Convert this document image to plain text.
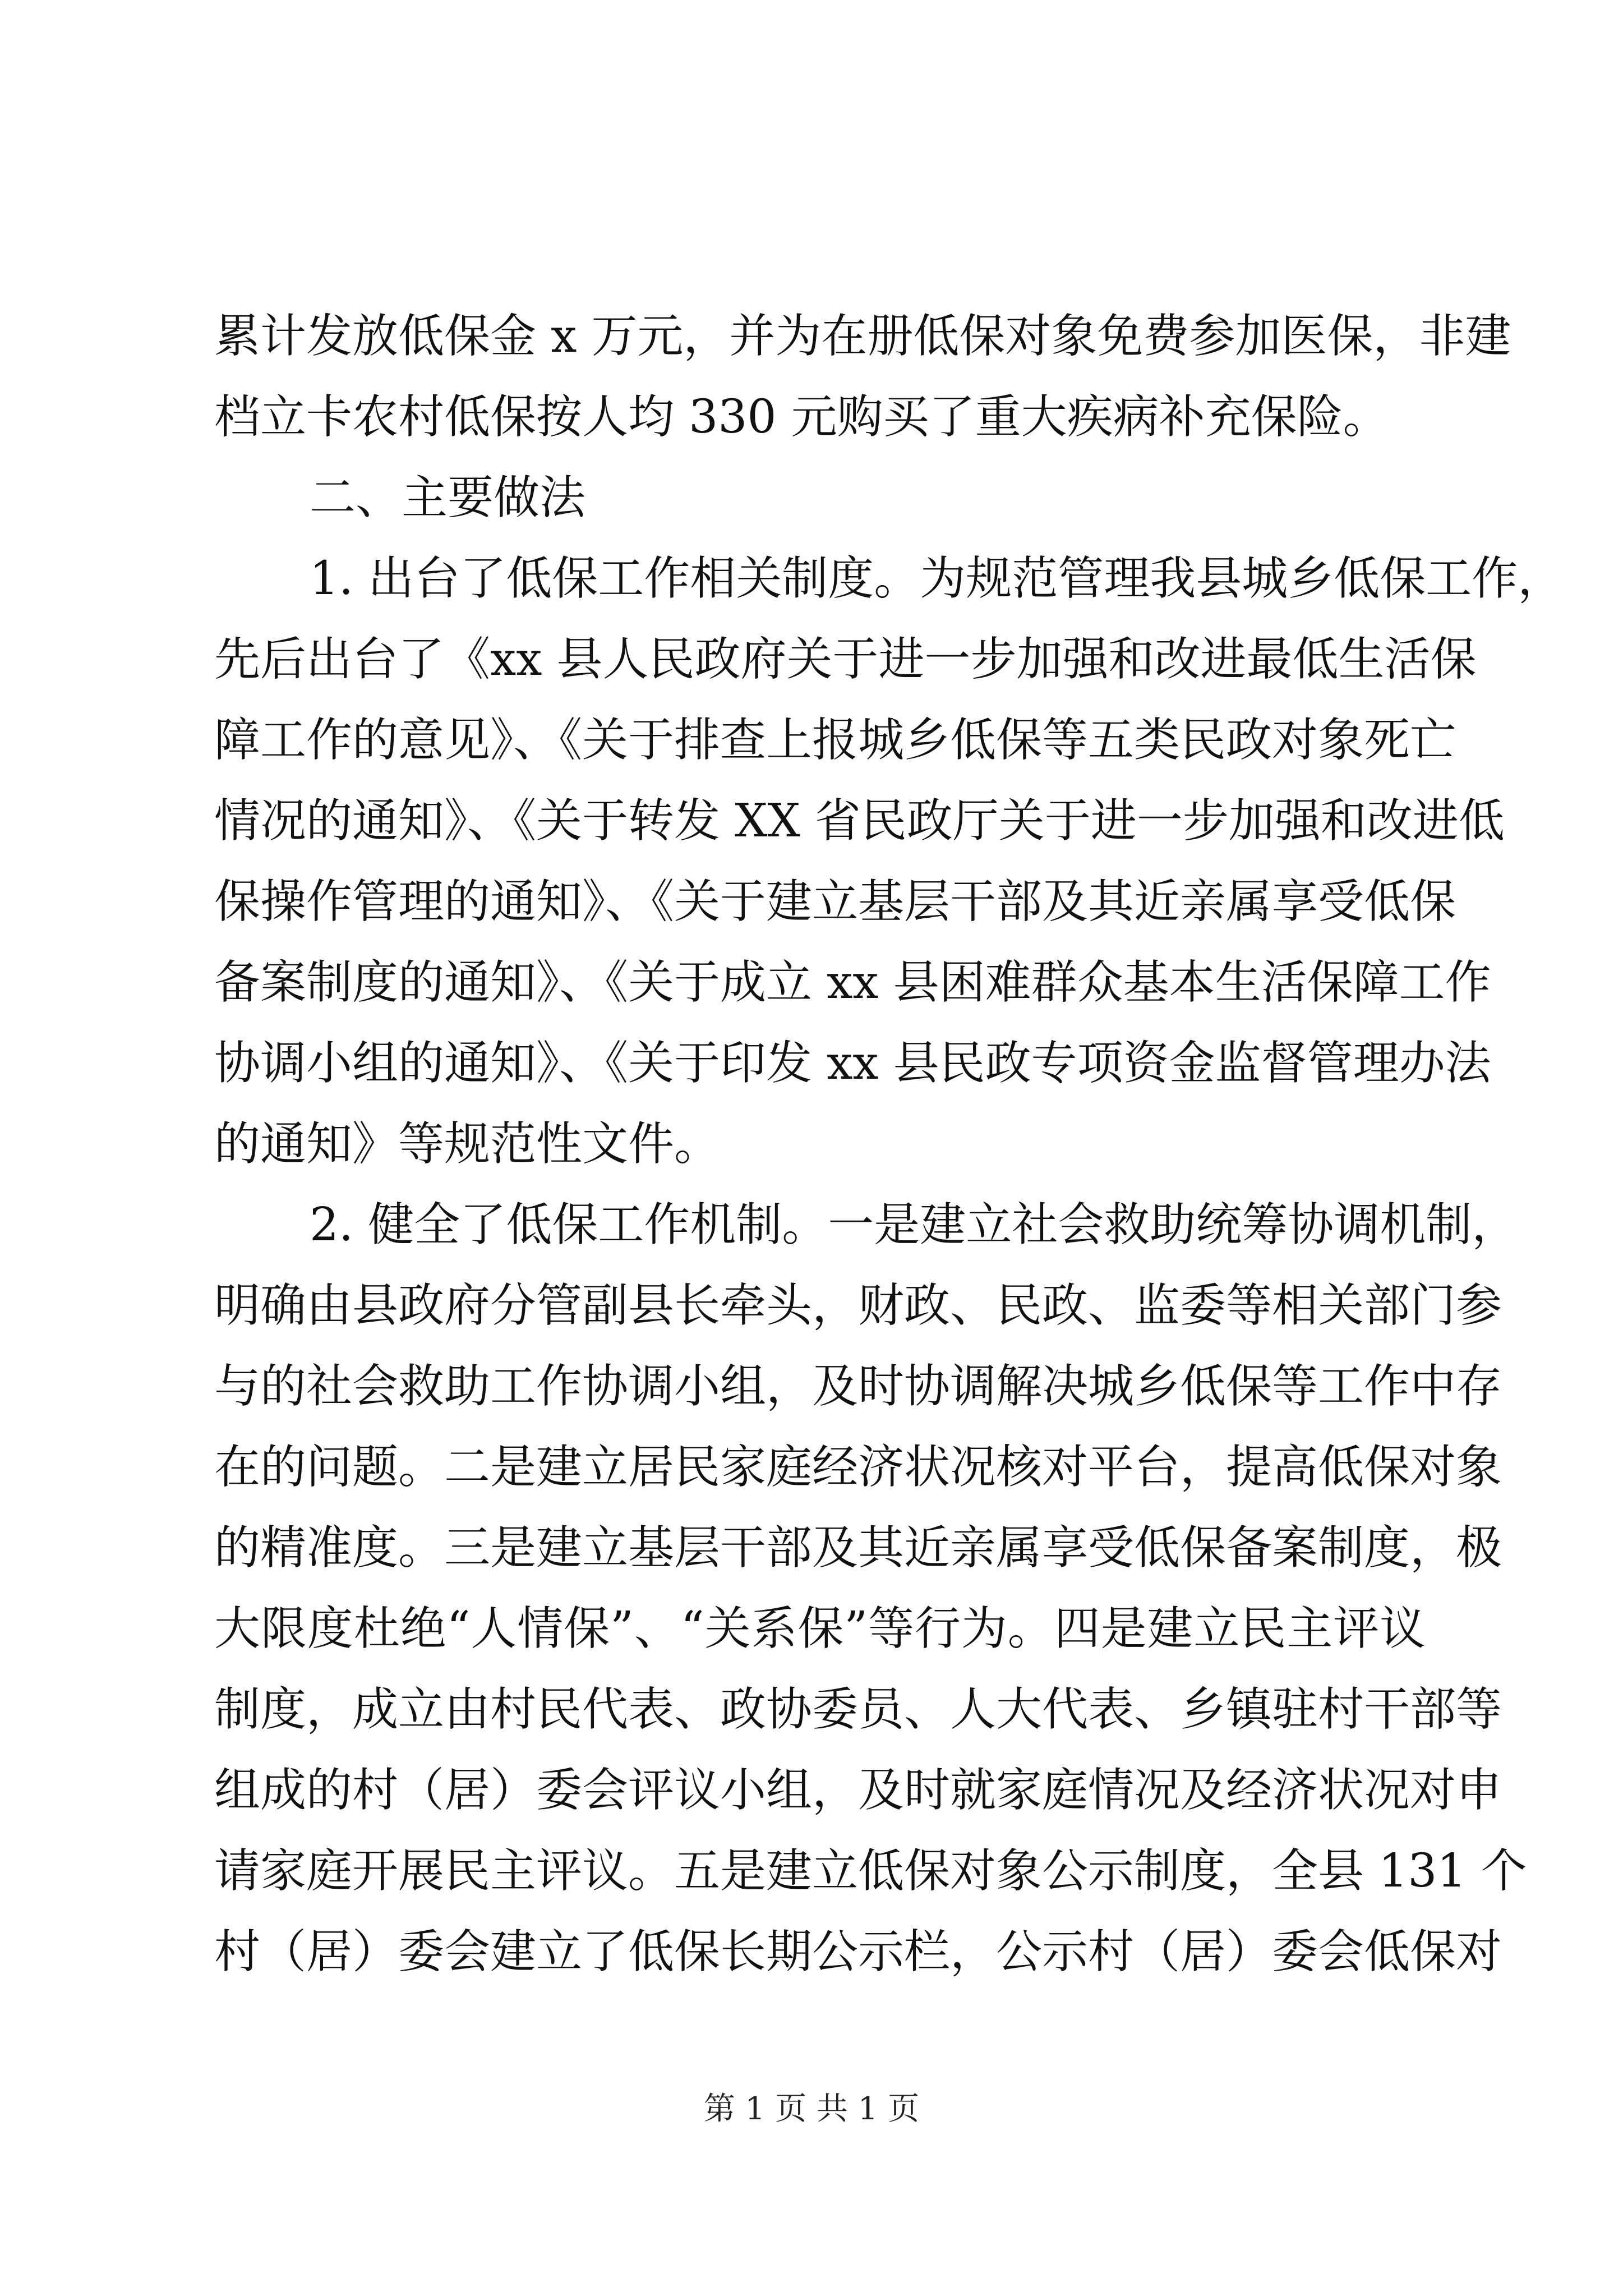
累计发放低保金 x 万元，并为在册低保对象免费参加医保，非建
档立卡农村低保按人均 330 元购买了重大疾病补充保险。
二、主要做法
1. 出台了低保工作相关制度。为规范管理我县城乡低保工作，
先后出台了《xx 县人民政府关于进一步加强和改进最低生活保
障工作的意见》、《关于排查上报城乡低保等五类民政对象死亡
情况的通知》、《关于转发 XX 省民政厅关于进一步加强和改进低
保操作管理的通知》、《关于建立基层干部及其近亲属享受低保
备案制度的通知》、《关于成立 xx 县困难群众基本生活保障工作
协调小组的通知》、《关于印发 xx 县民政专项资金监督管理办法
的通知》等规范性文件。
2. 健全了低保工作机制。一是建立社会救助统筹协调机制，
明确由县政府分管副县长牵头，财政、民政、监委等相关部门参
与的社会救助工作协调小组，及时协调解决城乡低保等工作中存
在的问题。二是建立居民家庭经济状况核对平台，提高低保对象
的精准度。三是建立基层干部及其近亲属享受低保备案制度，极
大限度杜绝“人情保”、“关系保”等行为。四是建立民主评议
制度，成立由村民代表、政协委员、人大代表、乡镇驻村干部等
组成的村（居）委会评议小组，及时就家庭情况及经济状况对申
请家庭开展民主评议。五是建立低保对象公示制度，全县 131 个
村（居）委会建立了低保长期公示栏，公示村（居）委会低保对
第 1 页 共 1 页
